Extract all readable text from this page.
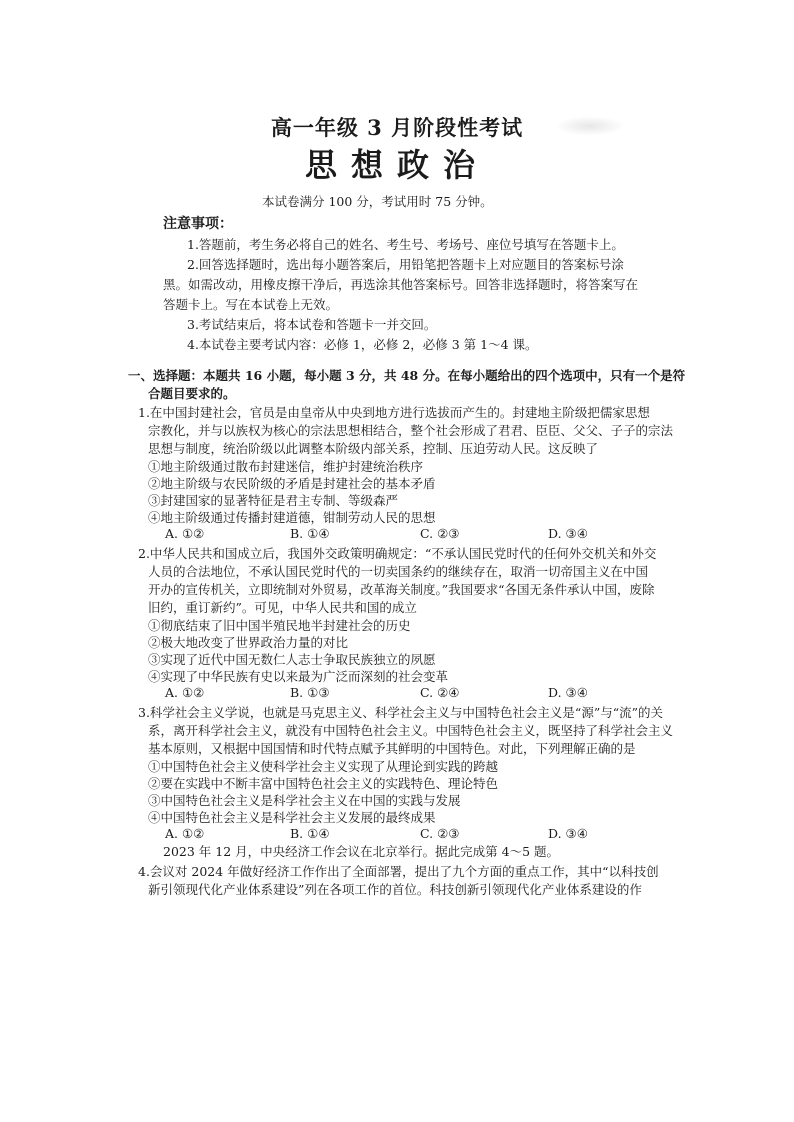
高一年级 3 月阶段性考试
思想政治
本试卷满分 100 分，考试用时 75 分钟。
注意事项：
1.答题前，考生务必将自己的姓名、考生号、考场号、座位号填写在答题卡上。
2.回答选择题时，选出每小题答案后，用铅笔把答题卡上对应题目的答案标号涂
黑。如需改动，用橡皮擦干净后，再选涂其他答案标号。回答非选择题时，将答案写在
答题卡上。写在本试卷上无效。
3.考试结束后，将本试卷和答题卡一并交回。
4.本试卷主要考试内容：必修 1，必修 2，必修 3 第 1～4 课。
一、选择题：本题共 16 小题，每小题 3 分，共 48 分。在每小题给出的四个选项中，只有一个是符
合题目要求的。
1.在中国封建社会，官员是由皇帝从中央到地方进行选拔而产生的。封建地主阶级把儒家思想
宗教化，并与以族权为核心的宗法思想相结合，整个社会形成了君君、臣臣、父父、子子的宗法
思想与制度，统治阶级以此调整本阶级内部关系，控制、压迫劳动人民。这反映了
①地主阶级通过散布封建迷信，维护封建统治秩序
②地主阶级与农民阶级的矛盾是封建社会的基本矛盾
③封建国家的显著特征是君主专制、等级森严
④地主阶级通过传播封建道德，钳制劳动人民的思想
A. ①②	B. ①④	C. ②③	D. ③④
2.中华人民共和国成立后，我国外交政策明确规定：“不承认国民党时代的任何外交机关和外交
人员的合法地位，不承认国民党时代的一切卖国条约的继续存在，取消一切帝国主义在中国
开办的宣传机关，立即统制对外贸易，改革海关制度。”我国要求“各国无条件承认中国，废除
旧约，重订新约”。可见，中华人民共和国的成立
①彻底结束了旧中国半殖民地半封建社会的历史
②极大地改变了世界政治力量的对比
③实现了近代中国无数仁人志士争取民族独立的夙愿
④实现了中华民族有史以来最为广泛而深刻的社会变革
A. ①②	B. ①③	C. ②④	D. ③④
3.科学社会主义学说，也就是马克思主义、科学社会主义与中国特色社会主义是“源”与“流”的关
系，离开科学社会主义，就没有中国特色社会主义。中国特色社会主义，既坚持了科学社会主义
基本原则，又根据中国国情和时代特点赋予其鲜明的中国特色。对此，下列理解正确的是
①中国特色社会主义使科学社会主义实现了从理论到实践的跨越
②要在实践中不断丰富中国特色社会主义的实践特色、理论特色
③中国特色社会主义是科学社会主义在中国的实践与发展
④中国特色社会主义是科学社会主义发展的最终成果
A. ①②	B. ①④	C. ②③	D. ③④
2023 年 12 月，中央经济工作会议在北京举行。据此完成第 4～5 题。
4.会议对 2024 年做好经济工作作出了全面部署，提出了九个方面的重点工作，其中“以科技创
新引领现代化产业体系建设”列在各项工作的首位。科技创新引领现代化产业体系建设的作
